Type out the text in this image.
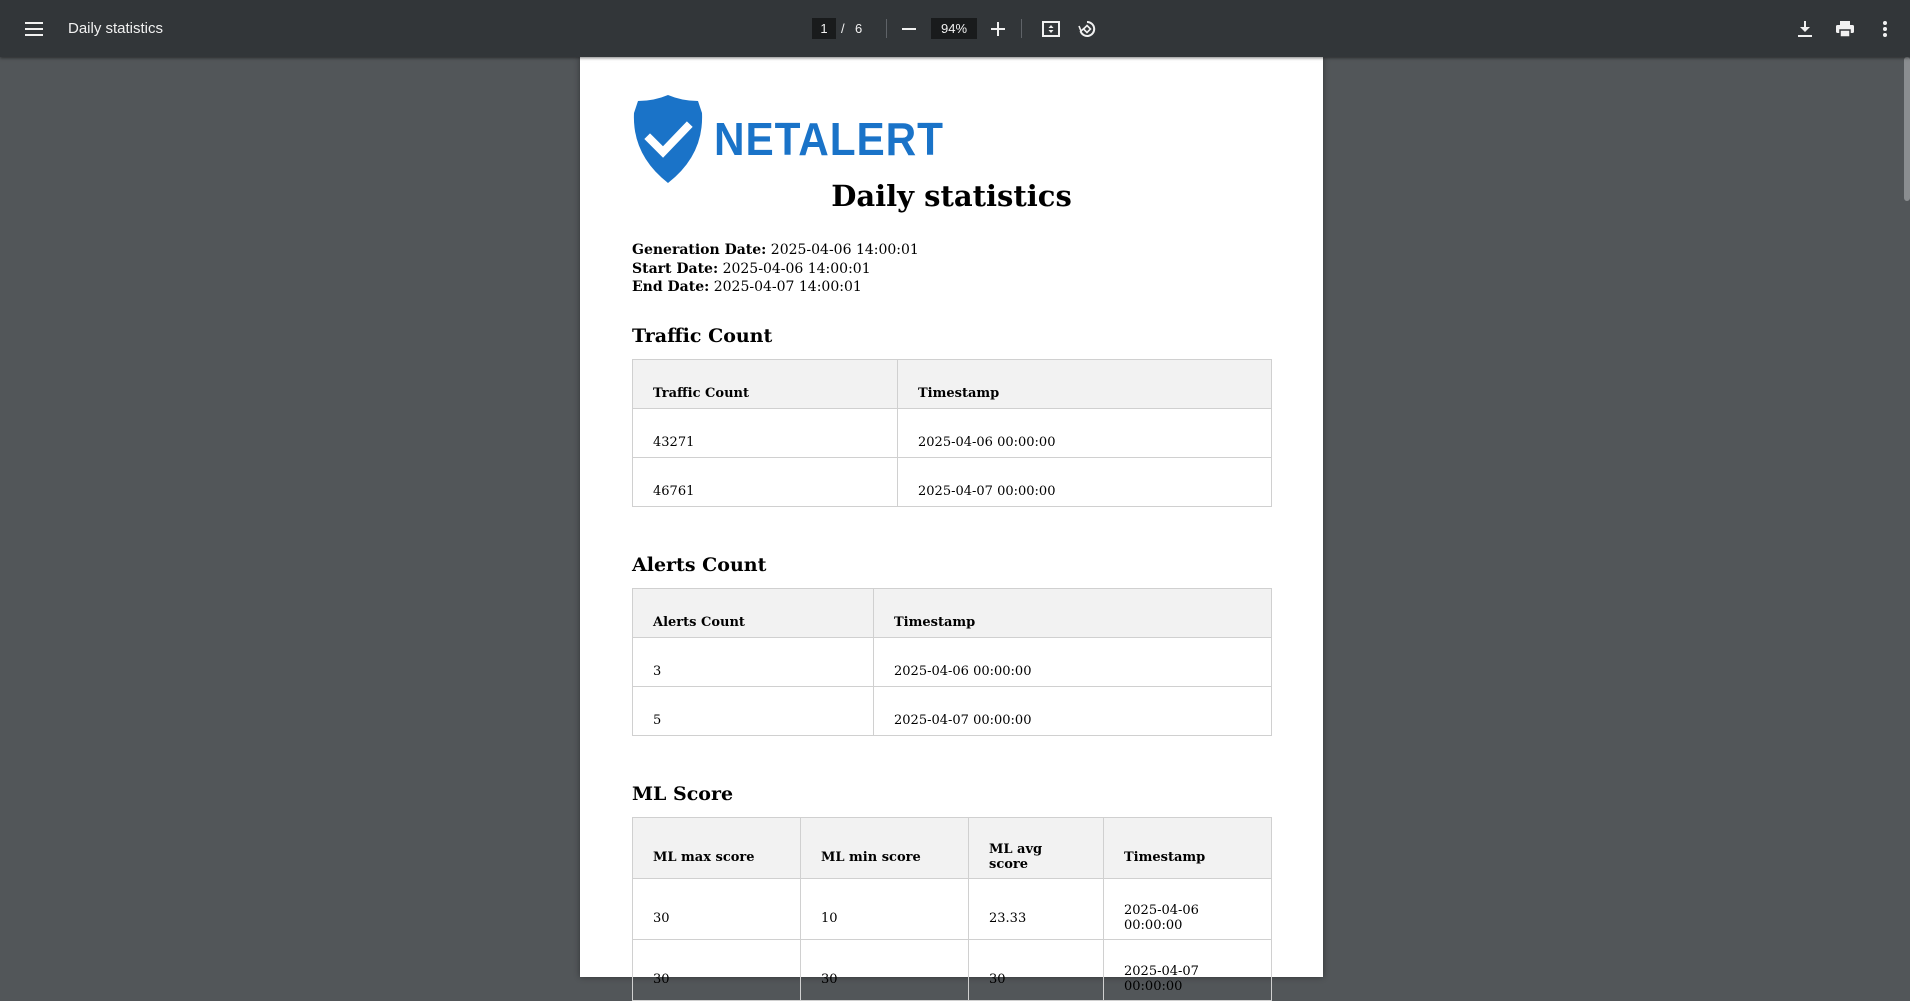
Daily statistics	1	/ 6	94%
NETALERT
Daily statistics
Generation Date: 2025-04-06 14:00:01
Start Date: 2025-04-06 14:00:01
End Date: 2025-04-07 14:00:01
Traffic Count
Traffic Count	Timestamp
43271	2025-04-06 00:00:00
46761	2025-04-07 00:00:00
Alerts Count
Alerts Count	Timestamp
3	2025-04-06 00:00:00
5	2025-04-07 00:00:00
ML Score
ML max score	ML min score	ML avg score	Timestamp
30	10	23.33	2025-04-06 00:00:00
30	30	30	2025-04-07 00:00:00
